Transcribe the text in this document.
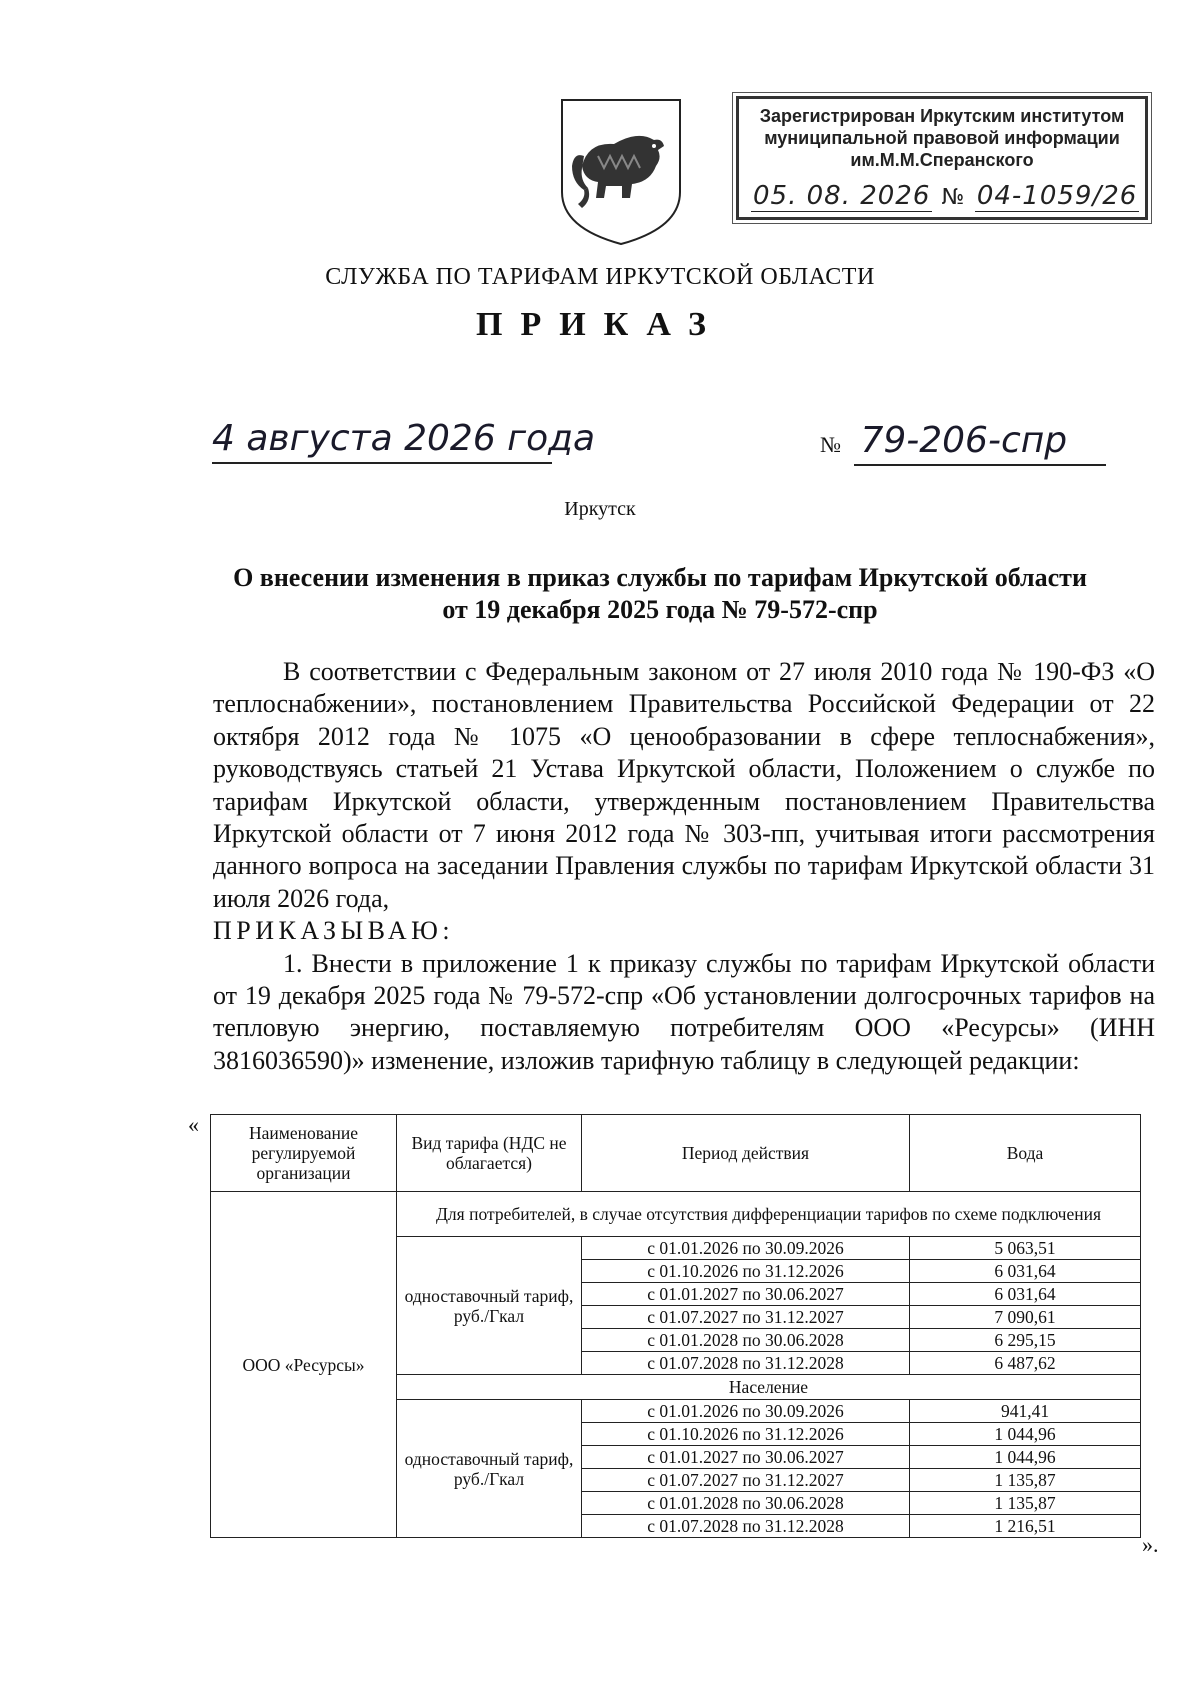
Зарегистрирован Иркутским институтом
муниципальной правовой информации
им.М.М.Сперанского
05. 08. 2026 № 04-1059/26
СЛУЖБА ПО ТАРИФАМ ИРКУТСКОЙ ОБЛАСТИ
ПРИКАЗ
4 августа 2026 года	№ 79-206-спр
Иркутск
О внесении изменения в приказ службы по тарифам Иркутской области
от 19 декабря 2025 года № 79-572-спр

В соответствии с Федеральным законом от 27 июля 2010 года № 190-ФЗ «О теплоснабжении», постановлением Правительства Российской Федерации от 22 октября 2012 года № 1075 «О ценообразовании в сфере теплоснабжения», руководствуясь статьей 21 Устава Иркутской области, Положением о службе по тарифам Иркутской области, утвержденным постановлением Правительства Иркутской области от 7 июня 2012 года № 303-пп, учитывая итоги рассмотрения данного вопроса на заседании Правления службы по тарифам Иркутской области 31 июля 2026 года,

ПРИКАЗЫВАЮ:

1. Внести в приложение 1 к приказу службы по тарифам Иркутской области от 19 декабря 2025 года № 79-572-спр «Об установлении долгосрочных тарифов на тепловую энергию, поставляемую потребителям ООО «Ресурсы» (ИНН 3816036590)» изменение, изложив тарифную таблицу в следующей редакции:

«	Наименование регулируемой организации	Вид тарифа (НДС не облагается)	Период действия	Вода
ООО «Ресурсы»	Для потребителей, в случае отсутствия дифференциации тарифов по схеме подключения		
	одноставочный тариф, руб./Гкал	с 01.01.2026 по 30.09.2026	5 063,51
		с 01.10.2026 по 31.12.2026	6 031,64
		с 01.01.2027 по 30.06.2027	6 031,64
		с 01.07.2027 по 31.12.2027	7 090,61
		с 01.01.2028 по 30.06.2028	6 295,15
		с 01.07.2028 по 31.12.2028	6 487,62
	Население		
	одноставочный тариф, руб./Гкал	с 01.01.2026 по 30.09.2026	941,41
		с 01.10.2026 по 31.12.2026	1 044,96
		с 01.01.2027 по 30.06.2027	1 044,96
		с 01.07.2027 по 31.12.2027	1 135,87
		с 01.01.2028 по 30.06.2028	1 135,87
		с 01.07.2028 по 31.12.2028	1 216,51
».
